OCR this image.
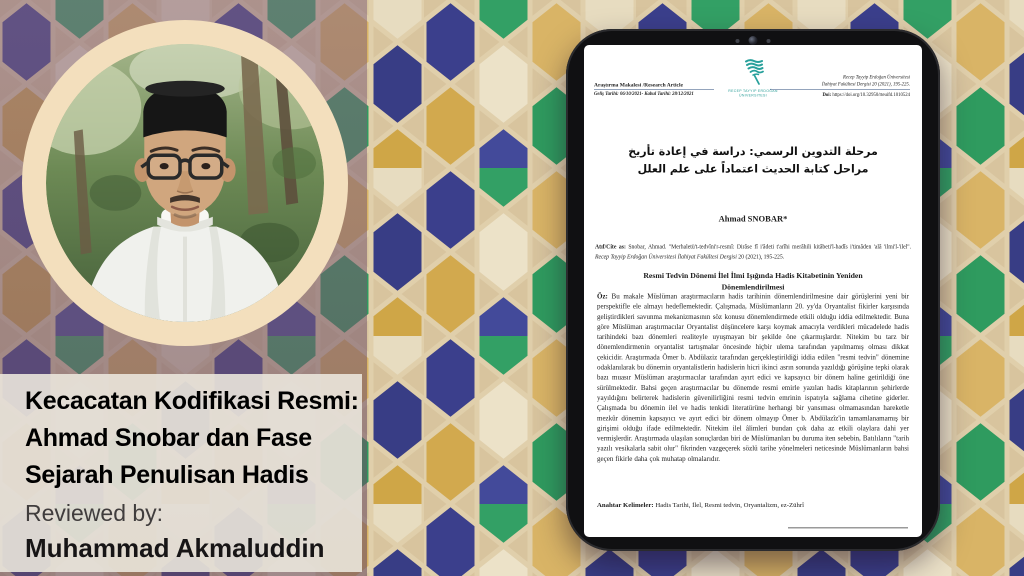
Kecacatan Kodifikasi Resmi:
Ahmad Snobar dan Fase
Sejarah Penulisan Hadis
Reviewed by:
Muhammad Akmaluddin
Araştırma Makalesi /Research Article
Geliş Tarihi: 06/10/2021- Kabul Tarihi: 28/12/2021
RECEP TAYYIP ERDOĞAN ÜNIVERSITESI
Recep Tayyip Erdoğan Üniversitesi
İlahiyat Fakültesi Dergisi 20 (2021), 195-225.
Doi: https://doi.org/10.32950/rteuifd.1010524
مرحلة التدوين الرسمي: دراسة في إعادة تأريخ مراحل كتابة الحديث اعتماداً على علم العلل
Ahmad SNOBAR*
Atıf/Cite as: Snobar, Ahmad. "Merhaletü't-tedvîni'r-resmî: Dirâse fî i'âdeti t'arîhi merâhili kitâbeti'l-hadîs i'timâden 'alâ 'ilmi'l-'ilel". Recep Tayyip Erdoğan Üniversitesi İlahiyat Fakültesi Dergisi 20 (2021), 195-225.
Resmi Tedvin Dönemi İlel İlmi Işığında Hadis Kitabetinin Yeniden Dönemlendirilmesi
Öz: Bu makale Müslüman araştırmacıların hadis tarihinin dönemlendirilmesine dair görüşlerini yeni bir perspektifle ele almayı hedeflemektedir. Çalışmada, Müslümanların 20. yy'da Oryantalist fikirler karşısında geliştirdikleri savunma mekanizmasının söz konusu dönemlendirmede etkili olduğu iddia edilmektedir. Buna göre Müslüman araştırmacılar Oryantalist düşüncelere karşı koymak amacıyla verdikleri mücadelede hadis tarihindeki bazı dönemleri realiteyle uyuşmayan bir şekilde öne çıkarmışlardır. Nitekim bu tarz bir dönemlendirmenin oryantalist tartışmalar öncesinde hiçbir ulema tarafından yapılmamış olması dikkat çekicidir. Araştırmada Ömer b. Abdülaziz tarafından gerçekleştirildiği iddia edilen "resmi tedvin" dönemine odaklanılarak bu dönemin oryantalistlerin hadislerin hicri ikinci asrın sonunda yazıldığı görüşüne tepki olarak bazı muasır Müslüman araştırmacılar tarafından ayırt edici ve kapsayıcı bir dönem haline getirildiği öne sürülmektedir. Bahsi geçen araştırmacılar bu dönemde resmi emirle yazılan hadis kitaplarının şehirlerde yayıldığını belirterek hadislerin güvenilirliğini resmi tedvin emrinin ispatıyla sağlama cihetine giderler. Çalışmada bu dönemin ilel ve hadis tenkidi literatürüne herhangi bir yansıması olmamasından hareketle mezkûr dönemin kapsayıcı ve ayırt edici bir dönem olmayıp Ömer b. Abdülazîz'in tamamlanamamış bir girişimi olduğu ifade edilmektedir. Nitekim ilel âlimleri bundan çok daha az etkili olaylara dahi yer vermişlerdir. Araştırmada ulaşılan sonuçlardan biri de Müslümanları bu duruma iten sebebin, Batılıların "tarih yazılı vesikalarla sabit olur" fikrinden vazgeçerek sözlü tarihe yönelmeleri neticesinde Müslümanların bahsi geçen fikirle daha çok muhatap olmalarıdır.
Anahtar Kelimeler: Hadis Tarihi, İlel, Resmi tedvin, Oryantalizm, ez-Zührî
